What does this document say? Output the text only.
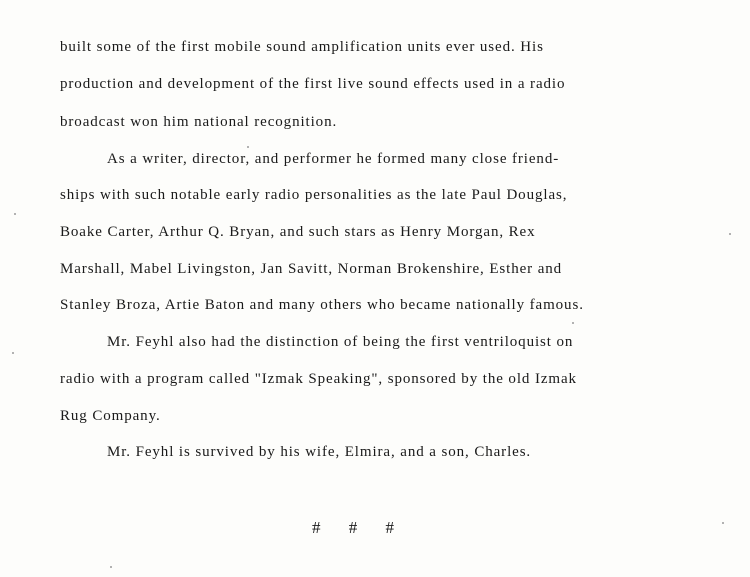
built some of the first mobile sound amplification units ever used. His
production and development of the first live sound effects used in a radio
broadcast won him national recognition.
As a writer, director, and performer he formed many close friend-
ships with such notable early radio personalities as the late Paul Douglas,
Boake Carter, Arthur Q. Bryan, and such stars as Henry Morgan, Rex
Marshall, Mabel Livingston, Jan Savitt, Norman Brokenshire, Esther and
Stanley Broza, Artie Baton and many others who became nationally famous.
Mr. Feyhl also had the distinction of being the first ventriloquist on
radio with a program called "Izmak Speaking", sponsored by the old Izmak
Rug Company.
Mr. Feyhl is survived by his wife, Elmira, and a son, Charles.
# # #
